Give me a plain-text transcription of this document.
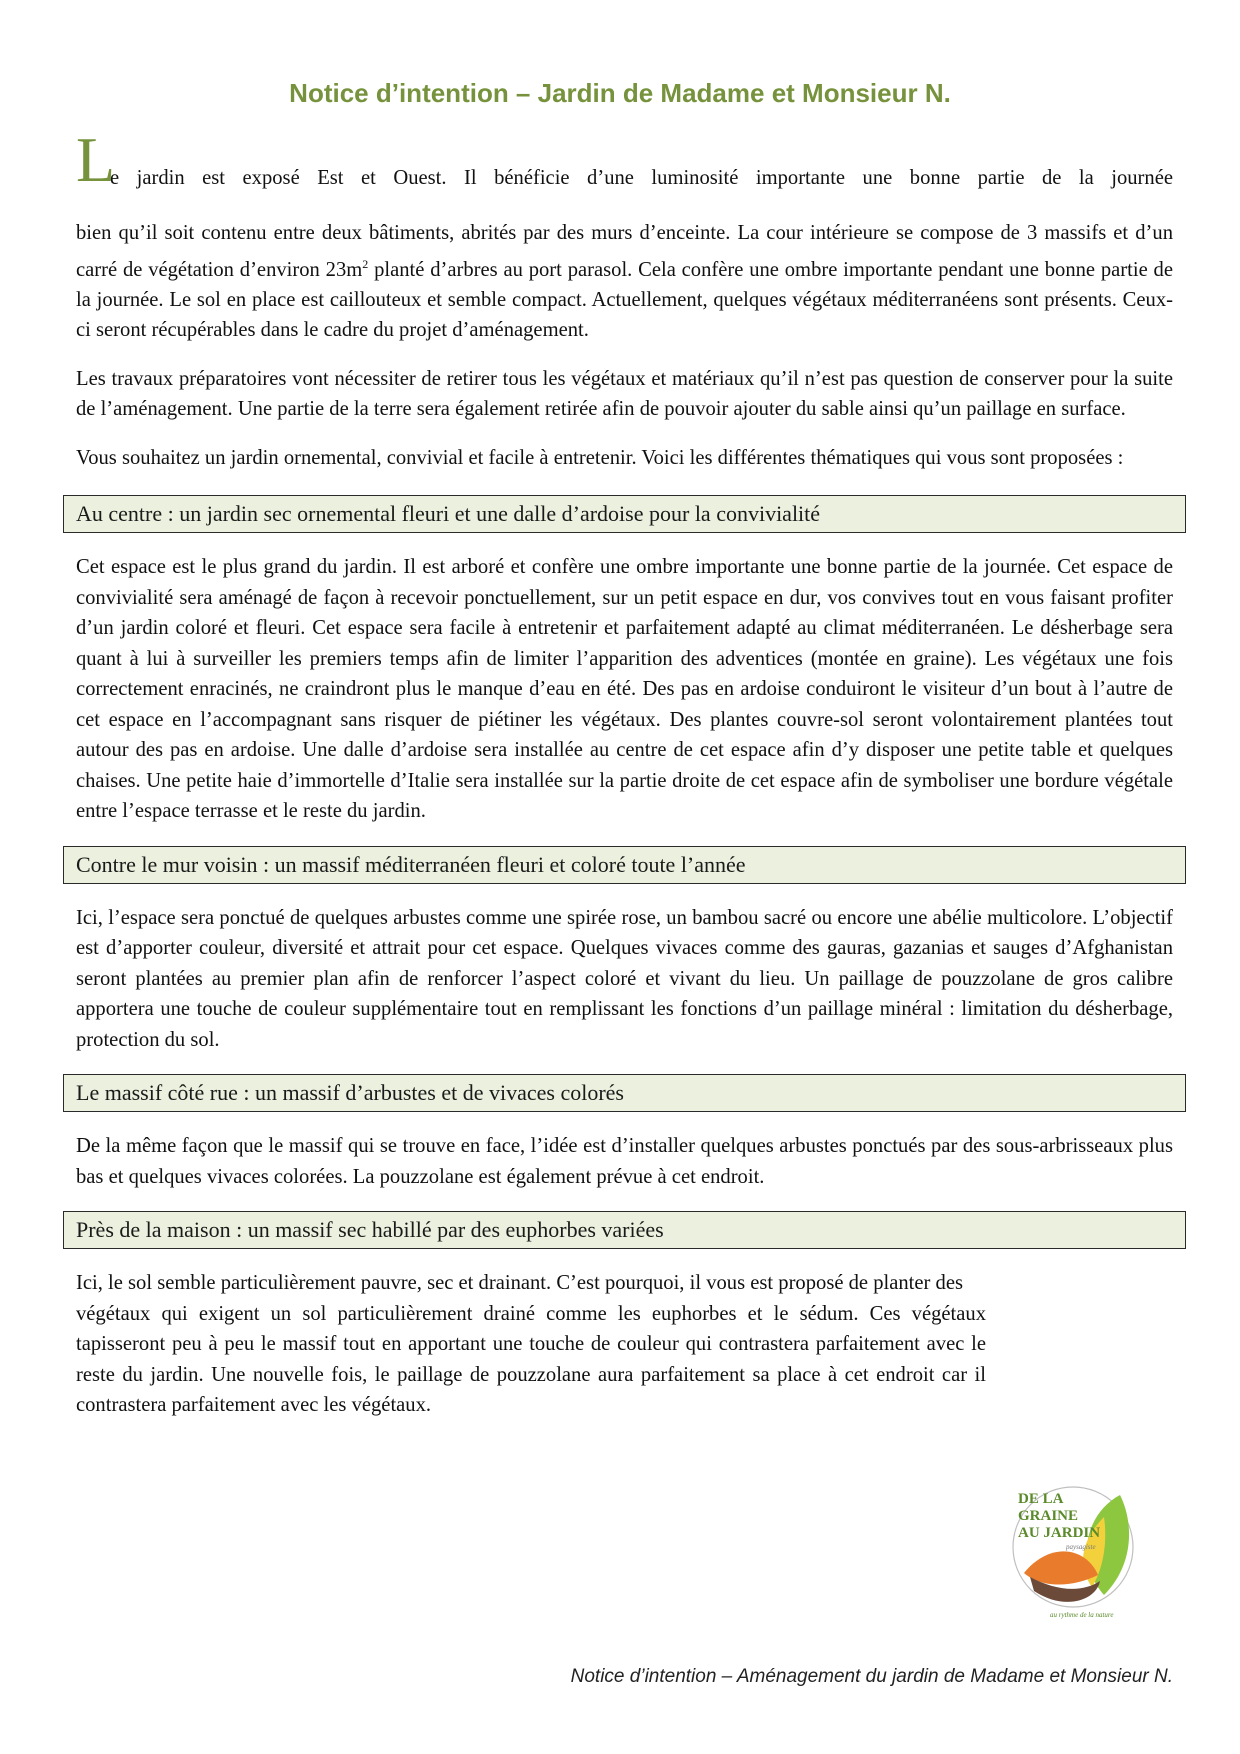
Notice d’intention – Jardin de Madame et Monsieur N.
L
e jardin est exposé Est et Ouest. Il bénéficie d’une luminosité importante une bonne partie de la journée

bien qu’il soit contenu entre deux bâtiments, abrités par des murs d’enceinte. La cour intérieure se compose de 3 massifs et d’un carré de végétation d’environ $23m^2$ planté d’arbres au port parasol. Cela confère une ombre importante pendant une bonne partie de la journée. Le sol en place est caillouteux et semble compact. Actuellement, quelques végétaux méditerranéens sont présents. Ceux-ci seront récupérables dans le cadre du projet d’aménagement.

Les travaux préparatoires vont nécessiter de retirer tous les végétaux et matériaux qu’il n’est pas question de conserver pour la suite de l’aménagement. Une partie de la terre sera également retirée afin de pouvoir ajouter du sable ainsi qu’un paillage en surface.

Vous souhaitez un jardin ornemental, convivial et facile à entretenir. Voici les différentes thématiques qui vous sont proposées :

Au centre : un jardin sec ornemental fleuri et une dalle d’ardoise pour la convivialité

Cet espace est le plus grand du jardin. Il est arboré et confère une ombre importante une bonne partie de la journée. Cet espace de convivialité sera aménagé de façon à recevoir ponctuellement, sur un petit espace en dur, vos convives tout en vous faisant profiter d’un jardin coloré et fleuri. Cet espace sera facile à entretenir et parfaitement adapté au climat méditerranéen. Le désherbage sera quant à lui à surveiller les premiers temps afin de limiter l’apparition des adventices (montée en graine). Les végétaux une fois correctement enracinés, ne craindront plus le manque d’eau en été. Des pas en ardoise conduiront le visiteur d’un bout à l’autre de cet espace en l’accompagnant sans risquer de piétiner les végétaux. Des plantes couvre-sol seront volontairement plantées tout autour des pas en ardoise. Une dalle d’ardoise sera installée au centre de cet espace afin d’y disposer une petite table et quelques chaises. Une petite haie d’immortelle d’Italie sera installée sur la partie droite de cet espace afin de symboliser une bordure végétale entre l’espace terrasse et le reste du jardin.

Contre le mur voisin : un massif méditerranéen fleuri et coloré toute l’année

Ici, l’espace sera ponctué de quelques arbustes comme une spirée rose, un bambou sacré ou encore une abélie multicolore. L’objectif est d’apporter couleur, diversité et attrait pour cet espace. Quelques vivaces comme des gauras, gazanias et sauges d’Afghanistan seront plantées au premier plan afin de renforcer l’aspect coloré et vivant du lieu. Un paillage de pouzzolane de gros calibre apportera une touche de couleur supplémentaire tout en remplissant les fonctions d’un paillage minéral : limitation du désherbage, protection du sol.

Le massif côté rue : un massif d’arbustes et de vivaces colorés

De la même façon que le massif qui se trouve en face, l’idée est d’installer quelques arbustes ponctués par des sous-arbrisseaux plus bas et quelques vivaces colorées. La pouzzolane est également prévue à cet endroit.

Près de la maison : un massif sec habillé par des euphorbes variées

Ici, le sol semble particulièrement pauvre, sec et drainant. C’est pourquoi, il vous est proposé de planter des

végétaux qui exigent un sol particulièrement drainé comme les euphorbes et le sédum. Ces végétaux tapisseront peu à peu le massif tout en apportant une touche de couleur qui contrastera parfaitement avec le reste du jardin. Une nouvelle fois, le paillage de pouzzolane aura parfaitement sa place à cet endroit car il contrastera parfaitement avec les végétaux.

DE LA
GRAINE
AU JARDIN
paysagiste
au rythme de la nature
Notice d’intention – Aménagement du jardin de Madame et Monsieur N.
